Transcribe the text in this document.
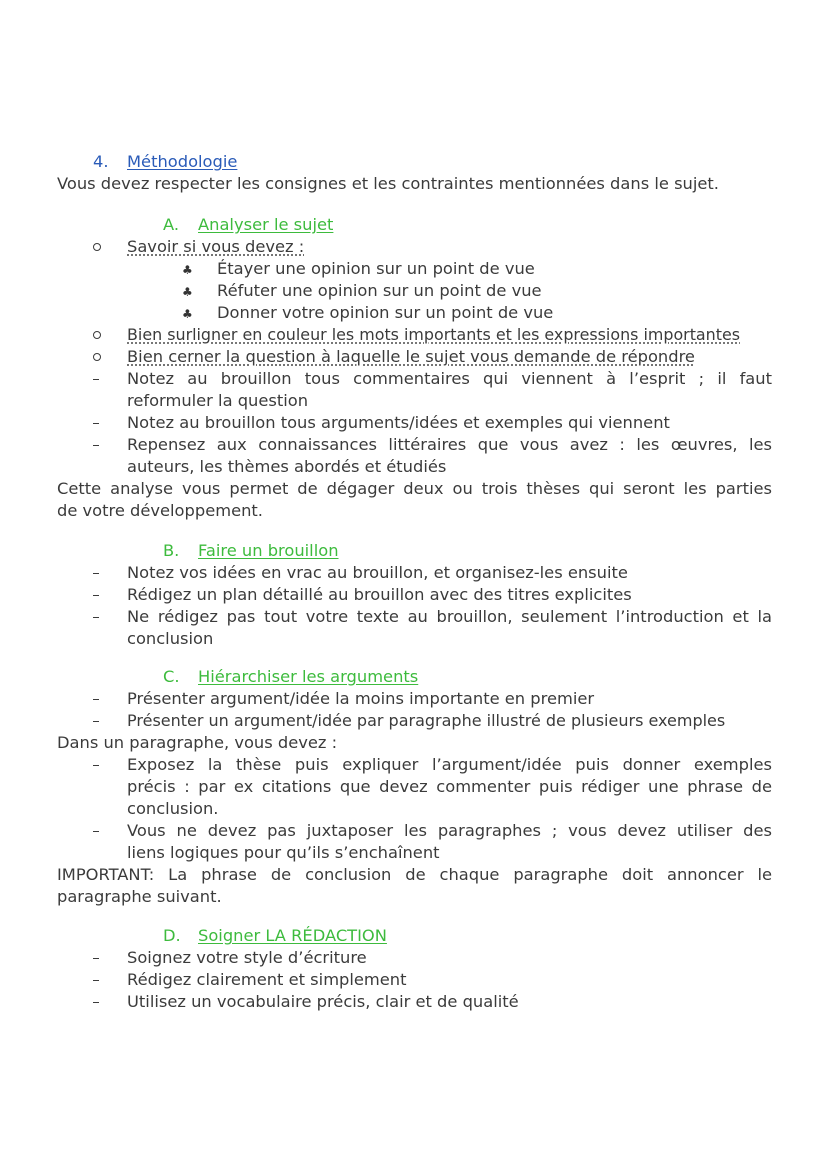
4. Méthodologie
Vous devez respecter les consignes et les contraintes mentionnées dans le sujet.
A. Analyser le sujet
Savoir si vous devez :
♣ Étayer une opinion sur un point de vue
♣ Réfuter une opinion sur un point de vue
♣ Donner votre opinion sur un point de vue
Bien surligner en couleur les mots importants et les expressions importantes
Bien cerner la question à laquelle le sujet vous demande de répondre
Notez au brouillon tous commentaires qui viennent à l’esprit ; il faut
reformuler la question
Notez au brouillon tous arguments/idées et exemples qui viennent
Repensez aux connaissances littéraires que vous avez : les œuvres, les
auteurs, les thèmes abordés et étudiés
Cette analyse vous permet de dégager deux ou trois thèses qui seront les parties
de votre développement.
B. Faire un brouillon
Notez vos idées en vrac au brouillon, et organisez-les ensuite
Rédigez un plan détaillé au brouillon avec des titres explicites
Ne rédigez pas tout votre texte au brouillon, seulement l’introduction et la
conclusion
C. Hiérarchiser les arguments
Présenter argument/idée la moins importante en premier
Présenter un argument/idée par paragraphe illustré de plusieurs exemples
Dans un paragraphe, vous devez :
Exposez la thèse puis expliquer l’argument/idée puis donner exemples
précis : par ex citations que devez commenter puis rédiger une phrase de
conclusion.
Vous ne devez pas juxtaposer les paragraphes ; vous devez utiliser des
liens logiques pour qu’ils s’enchaînent
IMPORTANT: La phrase de conclusion de chaque paragraphe doit annoncer le
paragraphe suivant.
D. Soigner LA RÉDACTION
Soignez votre style d’écriture
Rédigez clairement et simplement
Utilisez un vocabulaire précis, clair et de qualité
